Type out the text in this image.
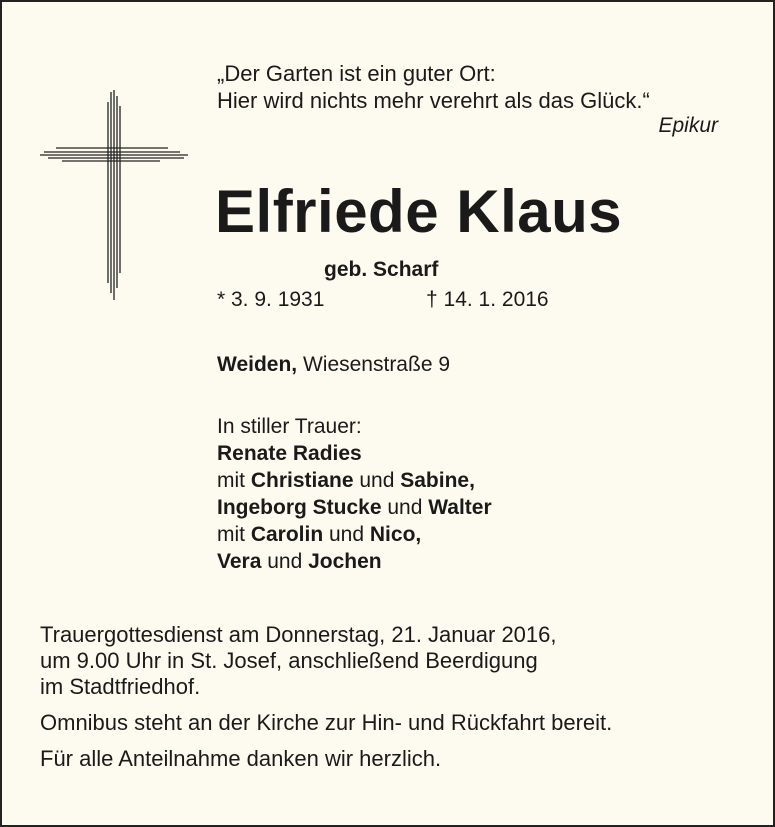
„Der Garten ist ein guter Ort:
Hier wird nichts mehr verehrt als das Glück.“
Epikur
Elfriede Klaus
geb. Scharf
* 3. 9. 1931	† 14. 1. 2016
Weiden, Wiesenstraße 9
In stiller Trauer:
Renate Radies
mit Christiane und Sabine,
Ingeborg Stucke und Walter
mit Carolin und Nico,
Vera und Jochen
Trauergottesdienst am Donnerstag, 21. Januar 2016,
um 9.00 Uhr in St. Josef, anschließend Beerdigung
im Stadtfriedhof.
Omnibus steht an der Kirche zur Hin- und Rückfahrt bereit.
Für alle Anteilnahme danken wir herzlich.
